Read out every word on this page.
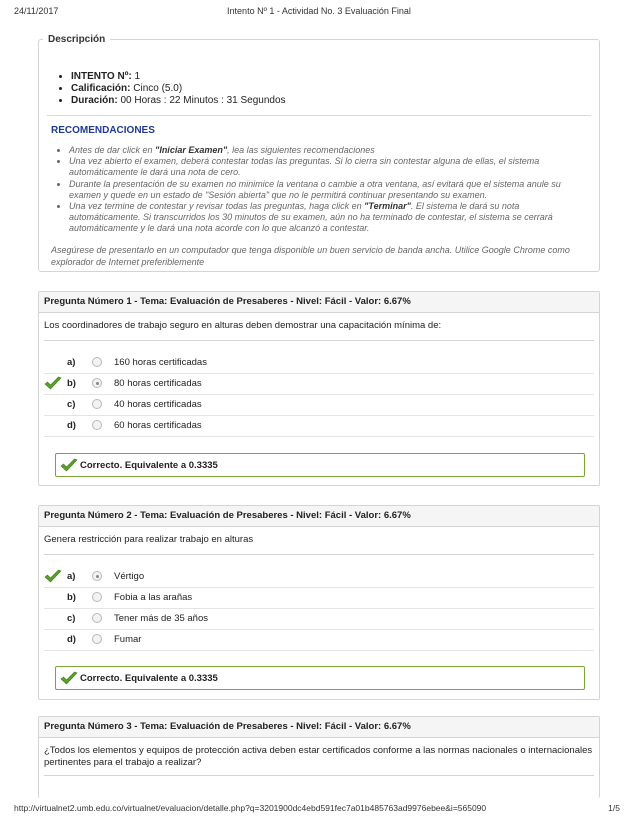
24/11/2017	Intento Nº 1 - Actividad No. 3 Evaluación Final
Descripción
• INTENTO Nº: 1
• Calificación: Cinco (5.0)
• Duración: 00 Horas : 22 Minutos : 31 Segundos
RECOMENDACIONES
• Antes de dar click en "Iniciar Examen", lea las siguientes recomendaciones
• Una vez abierto el examen, deberá contestar todas las preguntas. Si lo cierra sin contestar alguna de ellas, el sistema automáticamente le dará una nota de cero.
• Durante la presentación de su examen no minimice la ventana o cambie a otra ventana, así evitará que el sistema anule su examen y quede en un estado de "Sesión abierta" que no le permitirá continuar presentando su examen.
• Una vez termine de contestar y revisar todas las preguntas, haga click en "Terminar". El sistema le dará su nota automáticamente. Si transcurridos los 30 minutos de su examen, aún no ha terminado de contestar, el sistema se cerrará automáticamente y le dará una nota acorde con lo que alcanzó a contestar.
Asegúrese de presentarlo en un computador que tenga disponible un buen servicio de banda ancha. Utilice Google Chrome como explorador de Internet preferiblemente
Pregunta Número 1 - Tema: Evaluación de Presaberes - Nivel: Fácil - Valor: 6.67%
Los coordinadores de trabajo seguro en alturas deben demostrar una capacitación mínima de:
a)	160 horas certificadas
b)	80 horas certificadas
c)	40 horas certificadas
d)	60 horas certificadas
Correcto. Equivalente a 0.3335
Pregunta Número 2 - Tema: Evaluación de Presaberes - Nivel: Fácil - Valor: 6.67%
Genera restricción para realizar trabajo en alturas
a)	Vértigo
b)	Fobia a las arañas
c)	Tener más de 35 años
d)	Fumar
Correcto. Equivalente a 0.3335
Pregunta Número 3 - Tema: Evaluación de Presaberes - Nivel: Fácil - Valor: 6.67%
¿Todos los elementos y equipos de protección activa deben estar certificados conforme a las normas nacionales o internacionales pertinentes para el trabajo a realizar?
http://virtualnet2.umb.edu.co/virtualnet/evaluacion/detalle.php?q=3201900dc4ebd591fec7a01b485763ad9976ebee&i=565090	1/5
